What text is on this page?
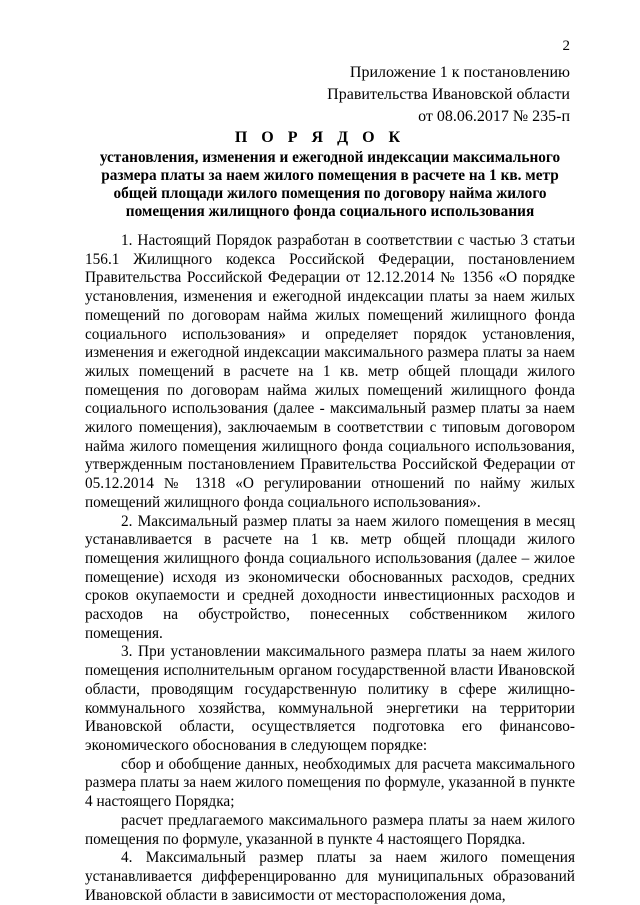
2
Приложение 1 к постановлению
Правительства Ивановской области
от 08.06.2017 № 235-п
П О Р Я Д О К
установления, изменения и ежегодной индексации максимального размера платы за наем жилого помещения в расчете на 1 кв. метр общей площади жилого помещения по договору найма жилого помещения жилищного фонда социального использования

1. Настоящий Порядок разработан в соответствии с частью 3 статьи 156.1 Жилищного кодекса Российской Федерации, постановлением Правительства Российской Федерации от 12.12.2014 № 1356 «О порядке установления, изменения и ежегодной индексации платы за наем жилых помещений по договорам найма жилых помещений жилищного фонда социального использования» и определяет порядок установления, изменения и ежегодной индексации максимального размера платы за наем жилых помещений в расчете на 1 кв. метр общей площади жилого помещения по договорам найма жилых помещений жилищного фонда социального использования (далее - максимальный размер платы за наем жилого помещения), заключаемым в соответствии с типовым договором найма жилого помещения жилищного фонда социального использования, утвержденным постановлением Правительства Российской Федерации от 05.12.2014 № 1318 «О регулировании отношений по найму жилых помещений жилищного фонда социального использования».

2. Максимальный размер платы за наем жилого помещения в месяц устанавливается в расчете на 1 кв. метр общей площади жилого помещения жилищного фонда социального использования (далее – жилое помещение) исходя из экономически обоснованных расходов, средних сроков окупаемости и средней доходности инвестиционных расходов и расходов на обустройство, понесенных собственником жилого помещения.

3. При установлении максимального размера платы за наем жилого помещения исполнительным органом государственной власти Ивановской области, проводящим государственную политику в сфере жилищно-коммунального хозяйства, коммунальной энергетики на территории Ивановской области, осуществляется подготовка его финансово-экономического обоснования в следующем порядке:

сбор и обобщение данных, необходимых для расчета максимального размера платы за наем жилого помещения по формуле, указанной в пункте 4 настоящего Порядка;

расчет предлагаемого максимального размера платы за наем жилого помещения по формуле, указанной в пункте 4 настоящего Порядка.

4. Максимальный размер платы за наем жилого помещения устанавливается дифференцированно для муниципальных образований Ивановской области в зависимости от месторасположения дома,
